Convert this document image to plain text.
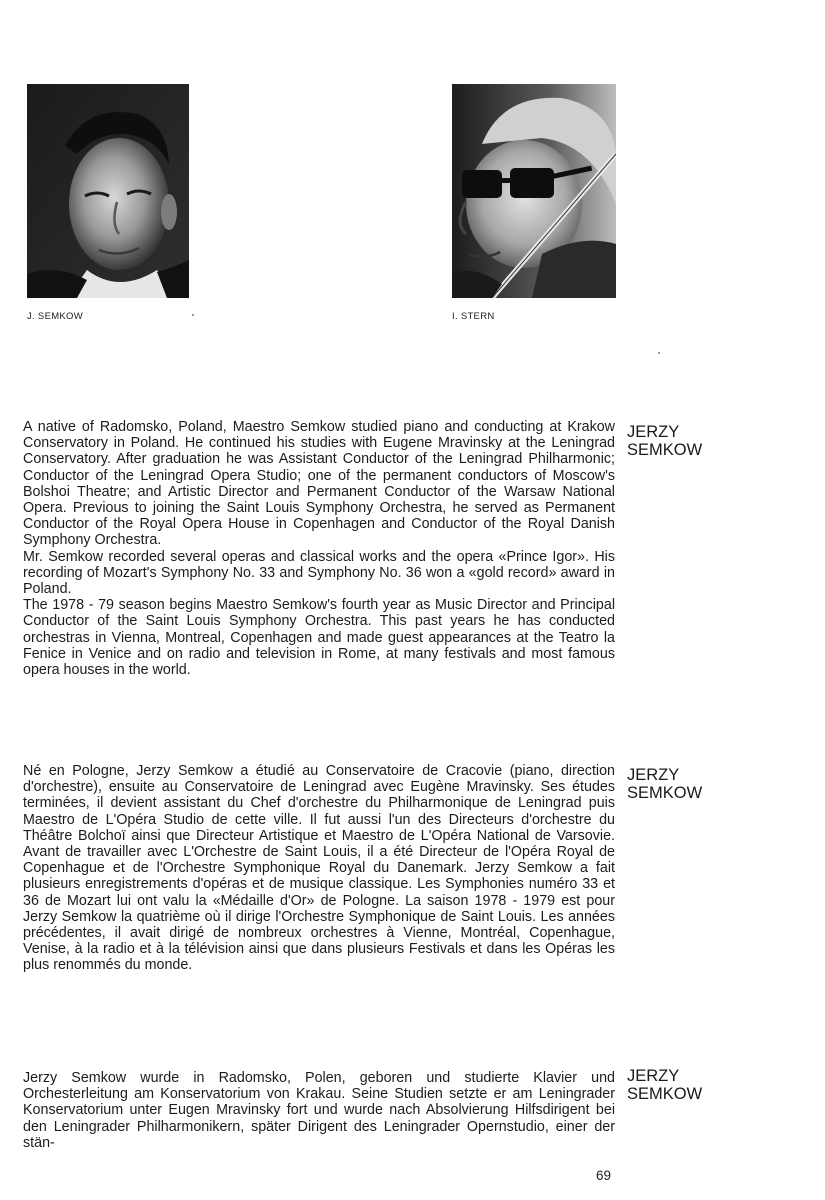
J. SEMKOW	I. STERN

A native of Radomsko, Poland, Maestro Semkow studied piano and conducting at Krakow Conservatory in Poland. He continued his studies with Eugene Mravinsky at the Leningrad Conservatory. After graduation he was Assistant Conductor of the Leningrad Philharmonic; Conductor of the Leningrad Opera Studio; one of the permanent conductors of Moscow's Bolshoi Theatre; and Artistic Director and Permanent Conductor of the Warsaw National Opera. Previous to joining the Saint Louis Symphony Orchestra, he served as Permanent Conductor of the Royal Opera House in Copenhagen and Conductor of the Royal Danish Symphony Orchestra.

Mr. Semkow recorded several operas and classical works and the opera «Prince Igor». His recording of Mozart's Symphony No. 33 and Symphony No. 36 won a «gold record» award in Poland.

The 1978 - 79 season begins Maestro Semkow's fourth year as Music Director and Principal Conductor of the Saint Louis Symphony Orchestra. This past years he has conducted orchestras in Vienna, Montreal, Copenhagen and made guest appearances at the Teatro la Fenice in Venice and on radio and television in Rome, at many festivals and most famous opera houses in the world.

JERZY
SEMKOW

Né en Pologne, Jerzy Semkow a étudié au Conservatoire de Cracovie (piano, direction d'orchestre), ensuite au Conservatoire de Leningrad avec Eugène Mravinsky. Ses études terminées, il devient assistant du Chef d'orchestre du Philharmonique de Leningrad puis Maestro de L'Opéra Studio de cette ville. Il fut aussi l'un des Directeurs d'orchestre du Théâtre Bolchoï ainsi que Directeur Artistique et Maestro de L'Opéra National de Varsovie. Avant de travailler avec L'Orchestre de Saint Louis, il a été Directeur de l'Opéra Royal de Copenhague et de l'Orchestre Symphonique Royal du Danemark. Jerzy Semkow a fait plusieurs enregistrements d'opéras et de musique classique. Les Symphonies numéro 33 et 36 de Mozart lui ont valu la «Médaille d'Or» de Pologne. La saison 1978 - 1979 est pour Jerzy Semkow la quatrième où il dirige l'Orchestre Symphonique de Saint Louis. Les années précédentes, il avait dirigé de nombreux orchestres à Vienne, Montréal, Copenhague, Venise, à la radio et à la télévision ainsi que dans plusieurs Festivals et dans les Opéras les plus renommés du monde.

JERZY
SEMKOW

Jerzy Semkow wurde in Radomsko, Polen, geboren und studierte Klavier und Orchesterleitung am Konservatorium von Krakau. Seine Studien setzte er am Leningrader Konservatorium unter Eugen Mravinsky fort und wurde nach Absolvierung Hilfsdirigent bei den Leningrader Philharmonikern, später Dirigent des Leningrader Opernstudio, einer der stän-

JERZY
SEMKOW
69
